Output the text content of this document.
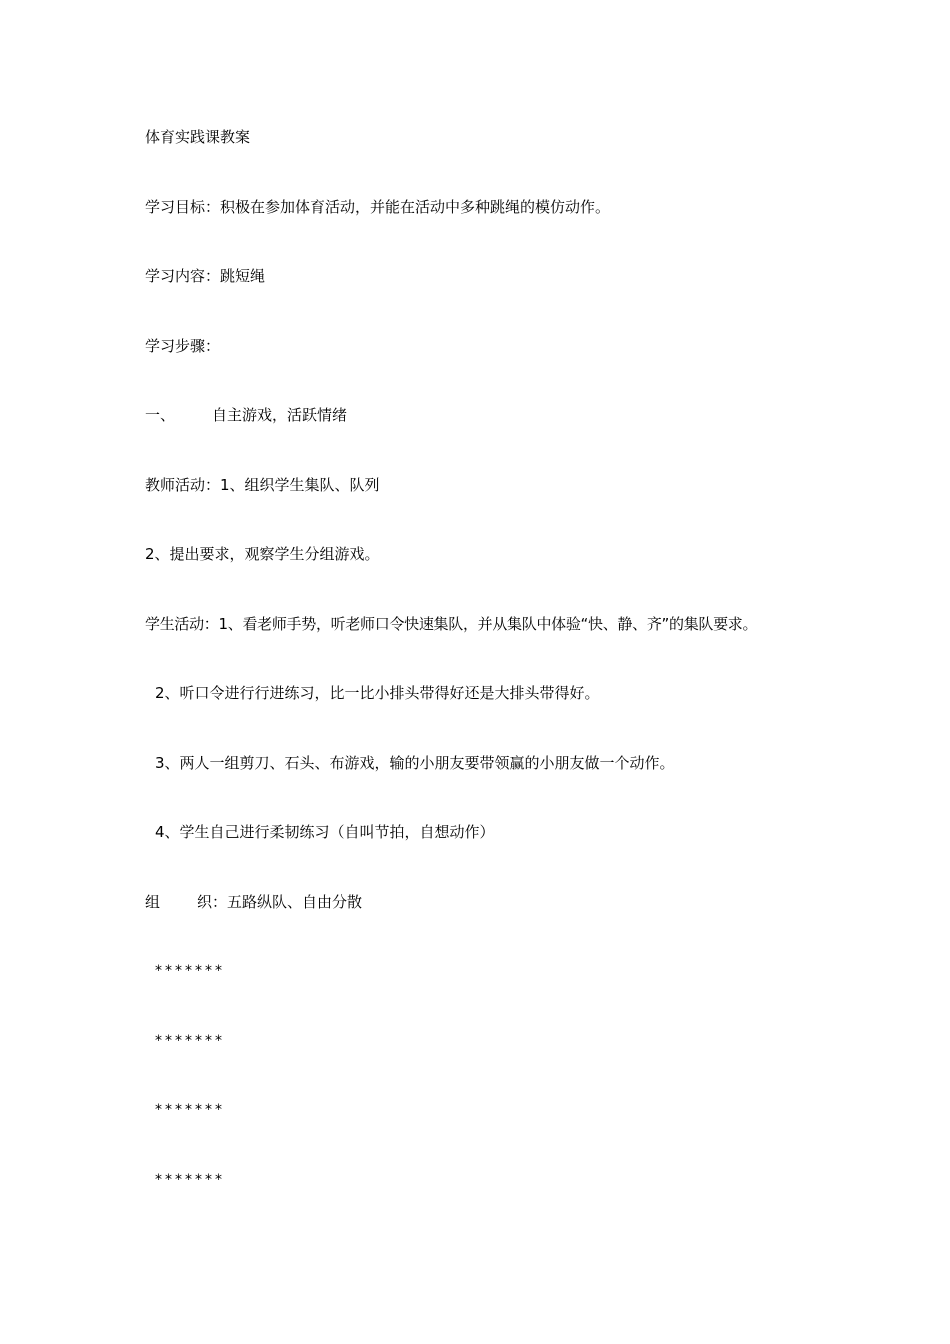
体育实践课教案

学习目标：积极在参加体育活动，并能在活动中多种跳绳的模仿动作。

学习内容：跳短绳

学习步骤：

一、 自主游戏，活跃情绪

教师活动：1、组织学生集队、队列

2、提出要求，观察学生分组游戏。

学生活动：1、看老师手势，听老师口令快速集队，并从集队中体验“快、静、齐”的集队要求。

2、听口令进行行进练习，比一比小排头带得好还是大排头带得好。

3、两人一组剪刀、石头、布游戏，输的小朋友要带领赢的小朋友做一个动作。

4、学生自己进行柔韧练习（自叫节拍，自想动作）

组 织：五路纵队、自由分散

*******

*******

*******

*******
